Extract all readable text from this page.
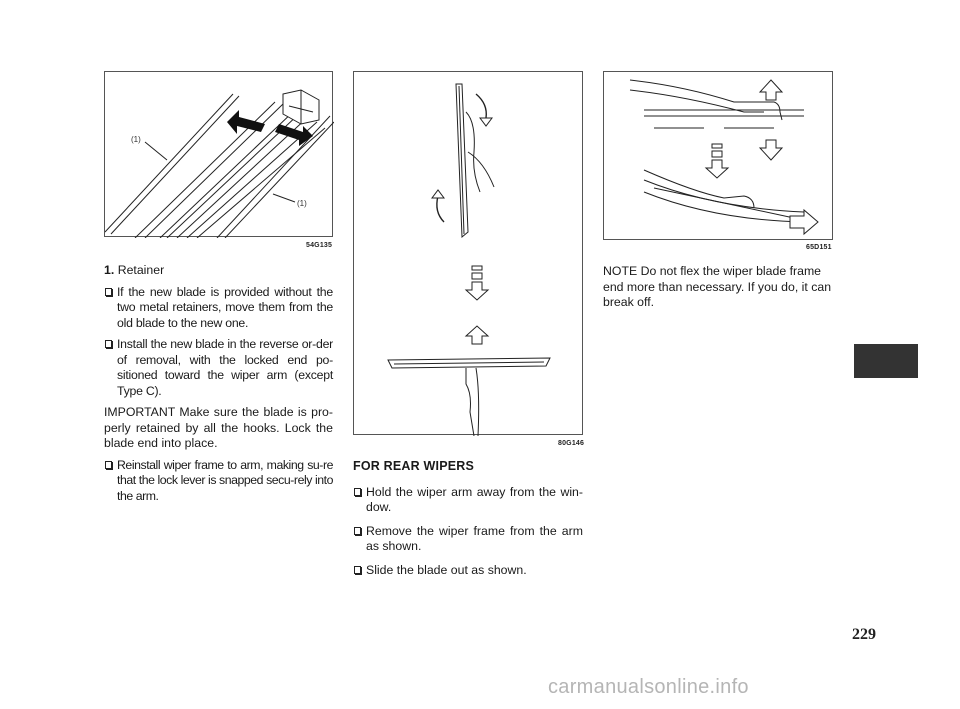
(1)
(1)
54G135
80G146
65D151

1. Retainer

If the new blade is provided without the two metal retainers, move them from the old blade to the new one.
Install the new blade in the reverse or-der of removal, with the locked end po-sitioned toward the wiper arm (except Type C).

IMPORTANT Make sure the blade is pro-perly retained by all the hooks. Lock the blade end into place.

Reinstall wiper frame to arm, making su-re that the lock lever is snapped secu-rely into the arm.
FOR REAR WIPERS
Hold the wiper arm away from the win-dow.
Remove the wiper frame from the arm as shown.
Slide the blade out as shown.

NOTE Do not flex the wiper blade frame end more than necessary. If you do, it can break off.

229
carmanualsonline.info
